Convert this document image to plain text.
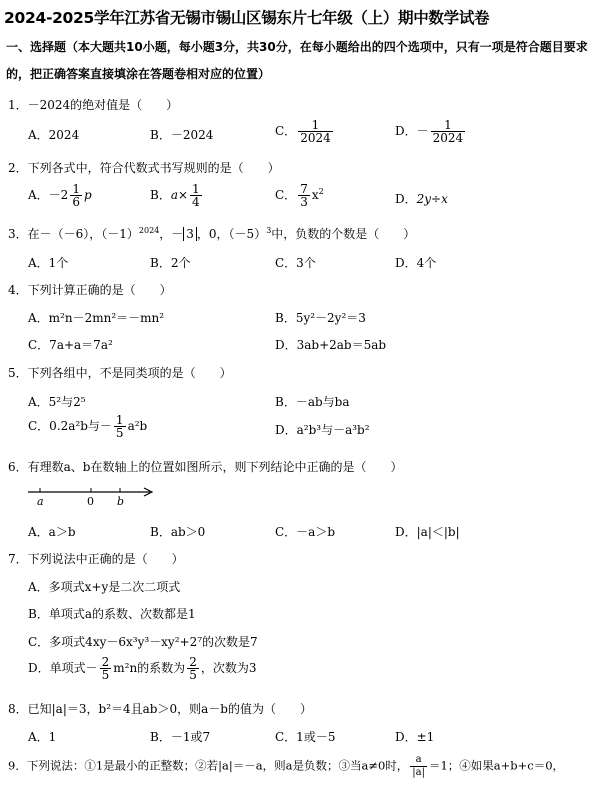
2024-2025学年江苏省无锡市锡山区锡东片七年级（上）期中数学试卷
一、选择题（本大题共10小题，每小题3分，共30分，在每小题给出的四个选项中，只有一项是符合题目要求的，把正确答案直接填涂在答题卷相对应的位置）
1．－2024的绝对值是（　　）
A．2024	B．－2024	C． $\frac{1}{2024}$	D．－ $\frac{1}{2024}$
2．下列各式中，符合代数式书写规则的是（　　）
A．$-2 \frac{1}{6}$ p	B．$a\times \frac{1}{4}$	C． $\frac{7}{3} x^2$
D．2y÷x
3．在－（－6），$(-1)^{2024}$，－ 3 ，0，$(-5)^3$中，负数的个数是（　　）
A．1个	B．2个	C．3个	D．4个
4．下列计算正确的是（　　）
A．m²n－2mn²＝－mn²	B．5y²－2y²＝3
C．7a+a＝7a²	D．3ab+2ab＝5ab
5．下列各组中，不是同类项的是（　　）
A．5²与2⁵	B．－ab与ba
C．0.2a²b与－ $\frac{1}{5} a^2b$	D．a²b³与－a³b²
6．有理数a、b在数轴上的位置如图所示，则下列结论中正确的是（　　）
a	0 b
A．a＞b	B．ab＞0	C．－a＞b	D．|a|＜|b|
7．下列说法中正确的是（　　）
A．多项式x+y是二次二项式
B．单项式a的系数、次数都是1
C．多项式4xy－6x³y³－xy²+2⁷的次数是7
D．单项式－ $\frac{2}{5} m^2n$的系数为 $\frac{2}{5}$ ，次数为3
8．已知|a|＝3，b²＝4且ab＞0，则a－b的值为（　　）
A．1	B．－1或7	C．1或－5	D．±1
9．下列说法：①1是最小的正整数；②若|a|＝－a，则a是负数；③当a≠0时， $\frac{a}{|a|} =1$；④如果a+b+c＝0，
